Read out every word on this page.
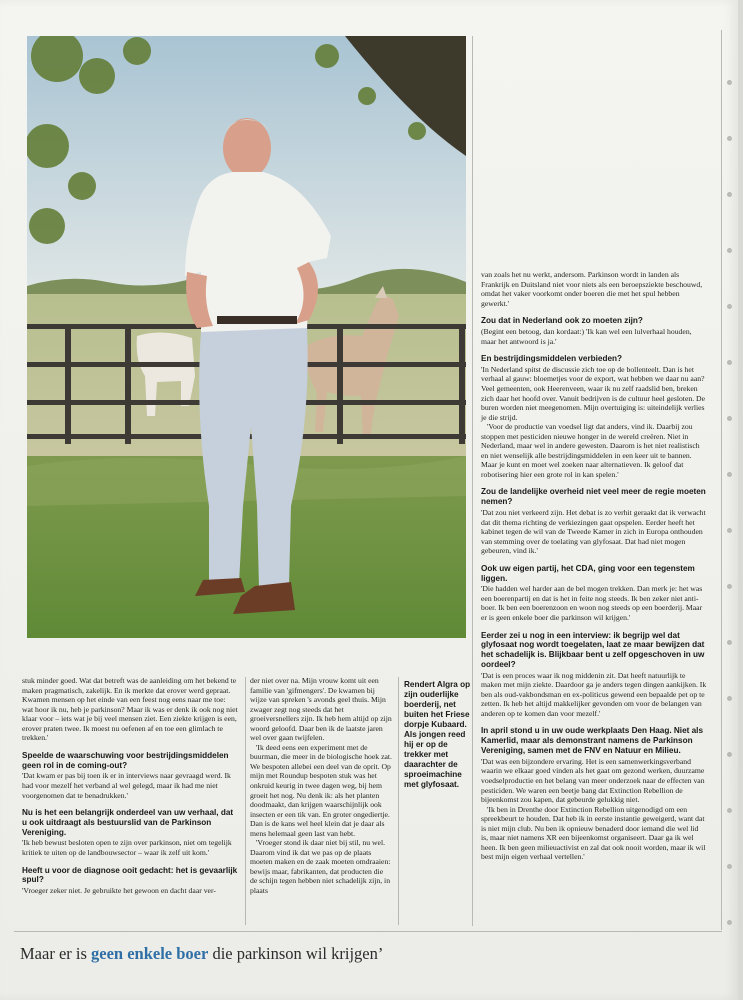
van zoals het nu werkt, andersom. Parkinson wordt in landen als Frankrijk en Duitsland niet voor niets als een beroepsziekte beschouwd, omdat het vaker voorkomt onder boeren die met het spul hebben gewerkt.'

Zou dat in Nederland ook zo moeten zijn?

(Begint een betoog, dan kordaat:) 'Ik kan wel een lulverhaal houden, maar het antwoord is ja.'

En bestrijdingsmiddelen verbieden?

'In Nederland spitst de discussie zich toe op de bollenteelt. Dan is het verhaal al gauw: bloemetjes voor de export, wat hebben we daar nu aan? Veel gemeenten, ook Heerenveen, waar ik nu zelf raadslid ben, breken zich daar het hoofd over. Vanuit bedrijven is de cultuur heel gesloten. De buren worden niet meegenomen. Mijn overtuiging is: uiteindelijk verlies je die strijd.

'Voor de productie van voedsel ligt dat anders, vind ik. Daarbij zou stoppen met pesticiden nieuwe honger in de wereld creëren. Niet in Nederland, maar wel in andere gewesten. Daarom is het niet realistisch en niet wenselijk alle bestrijdingsmiddelen in een keer uit te bannen. Maar je kunt en moet wel zoeken naar alternatieven. Ik geloof dat robotisering hier een grote rol in kan spelen.'

Zou de landelijke overheid niet veel meer de regie moeten nemen?

'Dat zou niet verkeerd zijn. Het debat is zo verhit geraakt dat ik verwacht dat dit thema richting de verkiezingen gaat opspelen. Eerder heeft het kabinet tegen de wil van de Tweede Kamer in zich in Europa onthouden van stemming over de toelating van glyfosaat. Dat had niet mogen gebeuren, vind ik.'

Ook uw eigen partij, het CDA, ging voor een tegenstem liggen.

'Die hadden wel harder aan de bel mogen trekken. Dan merk je: het was een boerenpartij en dat is het in feite nog steeds. Ik ben zeker niet anti-boer. Ik ben een boerenzoon en woon nog steeds op een boerderij. Maar er is geen enkele boer die parkinson wil krijgen.'

Eerder zei u nog in een interview: ik begrijp wel dat glyfosaat nog wordt toegelaten, laat ze maar bewijzen dat het schadelijk is. Blijkbaar bent u zelf opgeschoven in uw oordeel?

'Dat is een proces waar ik nog middenin zit. Dat heeft natuurlijk te maken met mijn ziekte. Daardoor ga je anders tegen dingen aankijken. Ik ben als oud-vakbondsman en ex-politicus gewend een bepaalde pet op te zetten. Ik heb het altijd makkelijker gevonden om voor de belangen van anderen op te komen dan voor mezelf.'

In april stond u in uw oude werkplaats Den Haag. Niet als Kamerlid, maar als demonstrant namens de Parkinson Vereniging, samen met de FNV en Natuur en Milieu.

'Dat was een bijzondere ervaring. Het is een samenwerkingsverband waarin we elkaar goed vinden als het gaat om gezond werken, duurzame voedselproductie en het belang van meer onderzoek naar de effecten van pesticiden. We waren een beetje bang dat Extinction Rebellion de bijeenkomst zou kapen, dat gebeurde gelukkig niet.

'Ik ben in Drenthe door Extinction Rebellion uitgenodigd om een spreekbeurt te houden. Dat heb ik in eerste instantie geweigerd, want dat is niet mijn club. Nu ben ik opnieuw benaderd door iemand die wel lid is, maar niet namens XR een bijeenkomst organiseert. Daar ga ik wel heen. Ik ben geen milieuactivist en zal dat ook nooit worden, maar ik wil best mijn eigen verhaal vertellen.'

stuk minder goed. Wat dat betreft was de aanleiding om het bekend te maken pragmatisch, zakelijk. En ik merkte dat erover werd gepraat. Kwamen mensen op het einde van een feest nog eens naar me toe: wat hoor ik nu, heb je parkinson? Maar ik was er denk ik ook nog niet klaar voor – iets wat je bij veel mensen ziet. Een ziekte krijgen is een, erover praten twee. Ik moest nu oefenen af en toe een glimlach te trekken.'

Speelde de waarschuwing voor bestrijdingsmiddelen geen rol in de coming-out?

'Dat kwam er pas bij toen ik er in interviews naar gevraagd werd. Ik had voor mezelf het verband al wel gelegd, maar ik had me niet voorgenomen dat te benadrukken.'

Nu is het een belangrijk onderdeel van uw verhaal, dat u ook uitdraagt als bestuurslid van de Parkinson Vereniging.

'Ik heb bewust besloten open te zijn over parkinson, niet om tegelijk kritiek te uiten op de landbouwsector – waar ik zelf uit kom.'

Heeft u voor de diagnose ooit gedacht: het is gevaarlijk spul?

'Vroeger zeker niet. Je gebruikte het gewoon en dacht daar ver-

der niet over na. Mijn vrouw komt uit een familie van 'gifmengers'. De kwamen bij wijze van spreken 's avonds geel thuis. Mijn zwager zegt nog steeds dat het groeiversnellers zijn. Ik heb hem altijd op zijn woord geloofd. Daar ben ik de laatste jaren wel over gaan twijfelen.

'Ik deed eens een experiment met de buurman, die meer in de biologische hoek zat. We bespoten allebei een deel van de oprit. Op mijn met Roundup bespoten stuk was het onkruid keurig in twee dagen weg, bij hem groeit het nog. Nu denk ik: als het planten doodmaakt, dan krijgen waarschijnlijk ook insecten er een tik van. En groter ongediertje. Dan is de kans wel heel klein dat je daar als mens helemaal geen last van hebt.

'Vroeger stond ik daar niet bij stil, nu wel. Daarom vind ik dat we pas op de plaats moeten maken en de zaak moeten omdraaien: bewijs maar, fabrikanten, dat producten die de schijn tegen hebben niet schadelijk zijn, in plaats

Rendert Algra op zijn ouderlijke boerderij, net buiten het Friese dorpje Kubaard. Als jongen reed hij er op de trekker met daarachter de sproeimachine met glyfosaat.
Maar er is geen enkele boer die parkinson wil krijgen’
